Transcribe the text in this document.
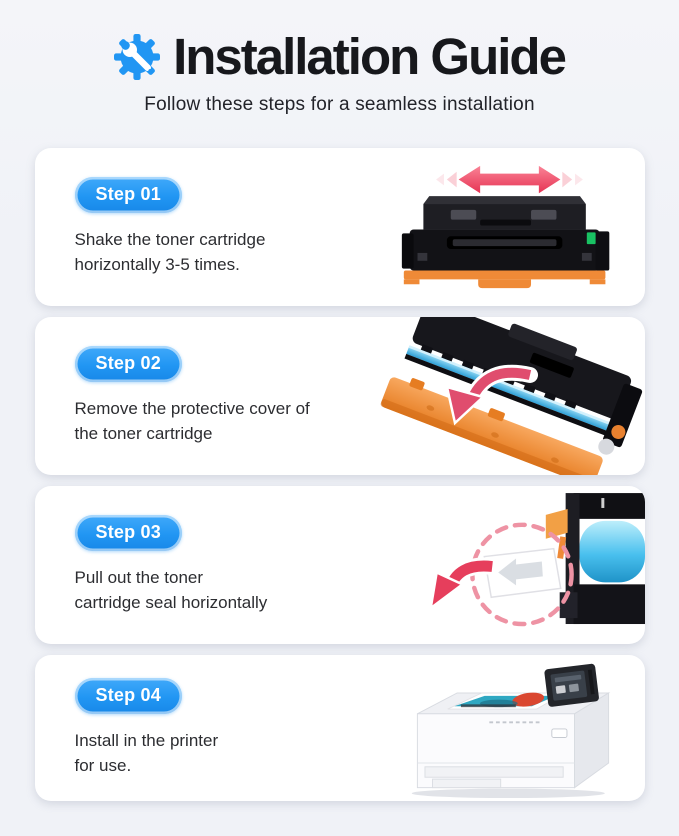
Installation Guide

Follow these steps for a seamless installation

Step 01

Shake the toner cartridge
horizontally 3-5 times.

Step 02

Remove the protective cover of
the toner cartridge

Step 03

Pull out the toner
cartridge seal horizontally

Step 04

Install in the printer
for use.
